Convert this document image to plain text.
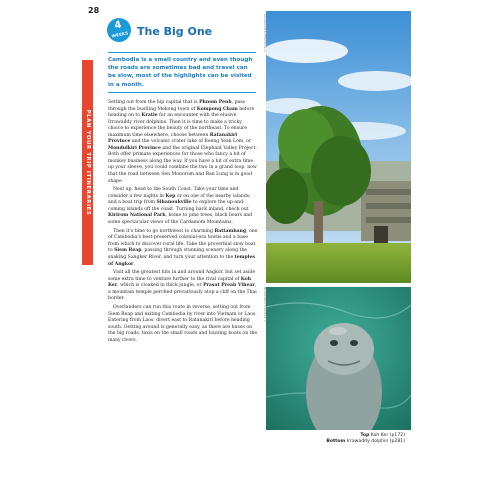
28
PLAN YOUR TRIP ITINERARIES
4
WEEKS The Big One
Cambodia is a small country and even though the roads are sometimes bad and travel can be slow, most of the highlights can be visited in a month.

Setting out from the hip capital that is Phnom Penh, pass through the bustling Mekong town of Kompong Cham before heading on to Kratie for an encounter with the elusive Irrawaddy river dolphins. Then it is time to make a tricky choice to experience the beauty of the northeast. To ensure maximum time elsewhere, choose between Ratanakiri Province and the volcanic crater lake of Boeng Yeak Lom, or Mondulkiri Province and the original Elephant Valley Project. Both offer primate experiences for those who fancy a bit of monkey business along the way. If you have a bit of extra time up your sleeve, you could combine the two in a grand loop, now that the road between Sen Monorom and Ban Lung is in good shape.

Next up, head to the South Coast. Take your time and consider a few nights in Kep or on one of the nearby islands, and a boat trip from Sihanoukville to explore the up-and-coming islands off the coast. Turning back inland, check out Kirirom National Park, home to pine trees, black bears and some spectacular views of the Cardamom Mountains.

Then it's time to go northwest to charming Battambang, one of Cambodia's best-preserved colonial-era towns and a base from which to discover rural life. Take the proverbial slow boat to Siem Reap, passing through stunning scenery along the snaking Sangker River, and turn your attention to the temples of Angkor.

Visit all the greatest hits in and around Angkor, but set aside some extra time to venture further to the rival capital of Koh Ker, which is cloaked in thick jungle, or Prasat Preah Vihear, a mountain temple perched precariously atop a cliff on the Thai border.

Overlanders can run this route in reverse, setting out from Siem Reap and exiting Cambodia by river into Vietnam or Laos. Entering from Laos, divert east to Ratanakiri before heading south. Getting around is generally easy, as there are buses on the big roads, taxis on the small roads and buzzing boats on the many rivers.

GOODLUZ/SHUTTERSTOCK ©
MAURO/SHUTTERSTOCK ©
Top Koh Ker (p172)
Bottom Irrawaddy dolphin (p281)
